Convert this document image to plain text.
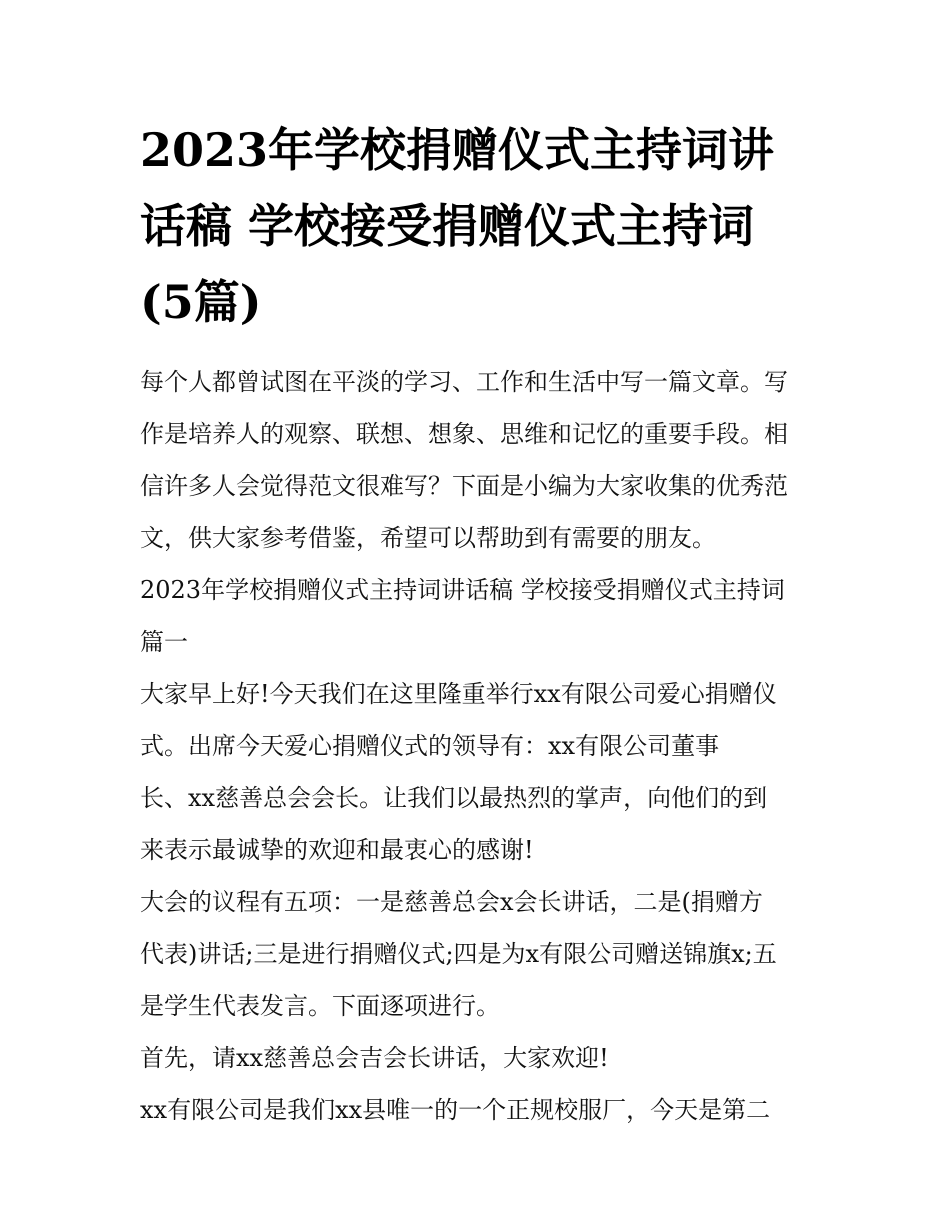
2023年学校捐赠仪式主持词讲
话稿 学校接受捐赠仪式主持词
(5篇)
每个人都曾试图在平淡的学习、工作和生活中写一篇文章。写
作是培养人的观察、联想、想象、思维和记忆的重要手段。相
信许多人会觉得范文很难写？下面是小编为大家收集的优秀范
文，供大家参考借鉴，希望可以帮助到有需要的朋友。
2023年学校捐赠仪式主持词讲话稿 学校接受捐赠仪式主持词
篇一
大家早上好!今天我们在这里隆重举行xx有限公司爱心捐赠仪
式。出席今天爱心捐赠仪式的领导有：xx有限公司董事
长、xx慈善总会会长。让我们以最热烈的掌声，向他们的到
来表示最诚挚的欢迎和最衷心的感谢!
大会的议程有五项：一是慈善总会x会长讲话，二是(捐赠方
代表)讲话;三是进行捐赠仪式;四是为x有限公司赠送锦旗x;五
是学生代表发言。下面逐项进行。
首先，请xx慈善总会吉会长讲话，大家欢迎!
xx有限公司是我们xx县唯一的一个正规校服厂，今天是第二
